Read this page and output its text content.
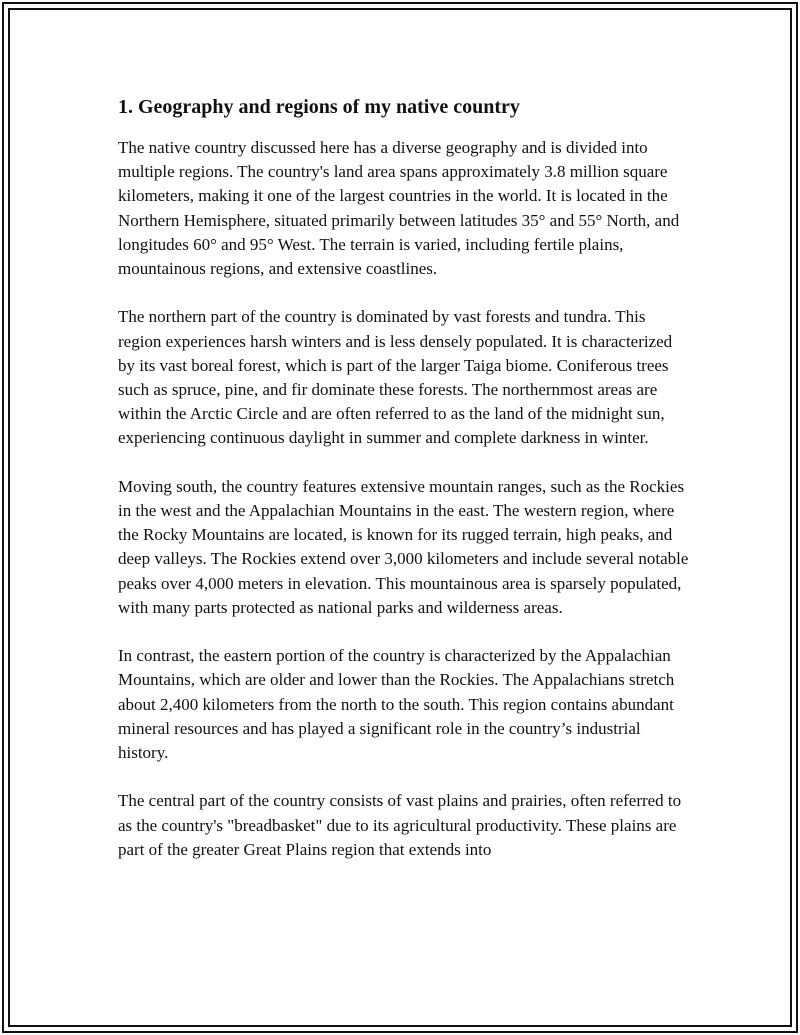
1. Geography and regions of my native country

The native country discussed here has a diverse geography and is divided into multiple regions. The country's land area spans approximately 3.8 million square kilometers, making it one of the largest countries in the world. It is located in the Northern Hemisphere, situated primarily between latitudes 35° and 55° North, and longitudes 60° and 95° West. The terrain is varied, including fertile plains, mountainous regions, and extensive coastlines.

The northern part of the country is dominated by vast forests and tundra. This region experiences harsh winters and is less densely populated. It is characterized by its vast boreal forest, which is part of the larger Taiga biome. Coniferous trees such as spruce, pine, and fir dominate these forests. The northernmost areas are within the Arctic Circle and are often referred to as the land of the midnight sun, experiencing continuous daylight in summer and complete darkness in winter.

Moving south, the country features extensive mountain ranges, such as the Rockies in the west and the Appalachian Mountains in the east. The western region, where the Rocky Mountains are located, is known for its rugged terrain, high peaks, and deep valleys. The Rockies extend over 3,000 kilometers and include several notable peaks over 4,000 meters in elevation. This mountainous area is sparsely populated, with many parts protected as national parks and wilderness areas.

In contrast, the eastern portion of the country is characterized by the Appalachian Mountains, which are older and lower than the Rockies. The Appalachians stretch about 2,400 kilometers from the north to the south. This region contains abundant mineral resources and has played a significant role in the country’s industrial history.

The central part of the country consists of vast plains and prairies, often referred to as the country's "breadbasket" due to its agricultural productivity. These plains are part of the greater Great Plains region that extends into
